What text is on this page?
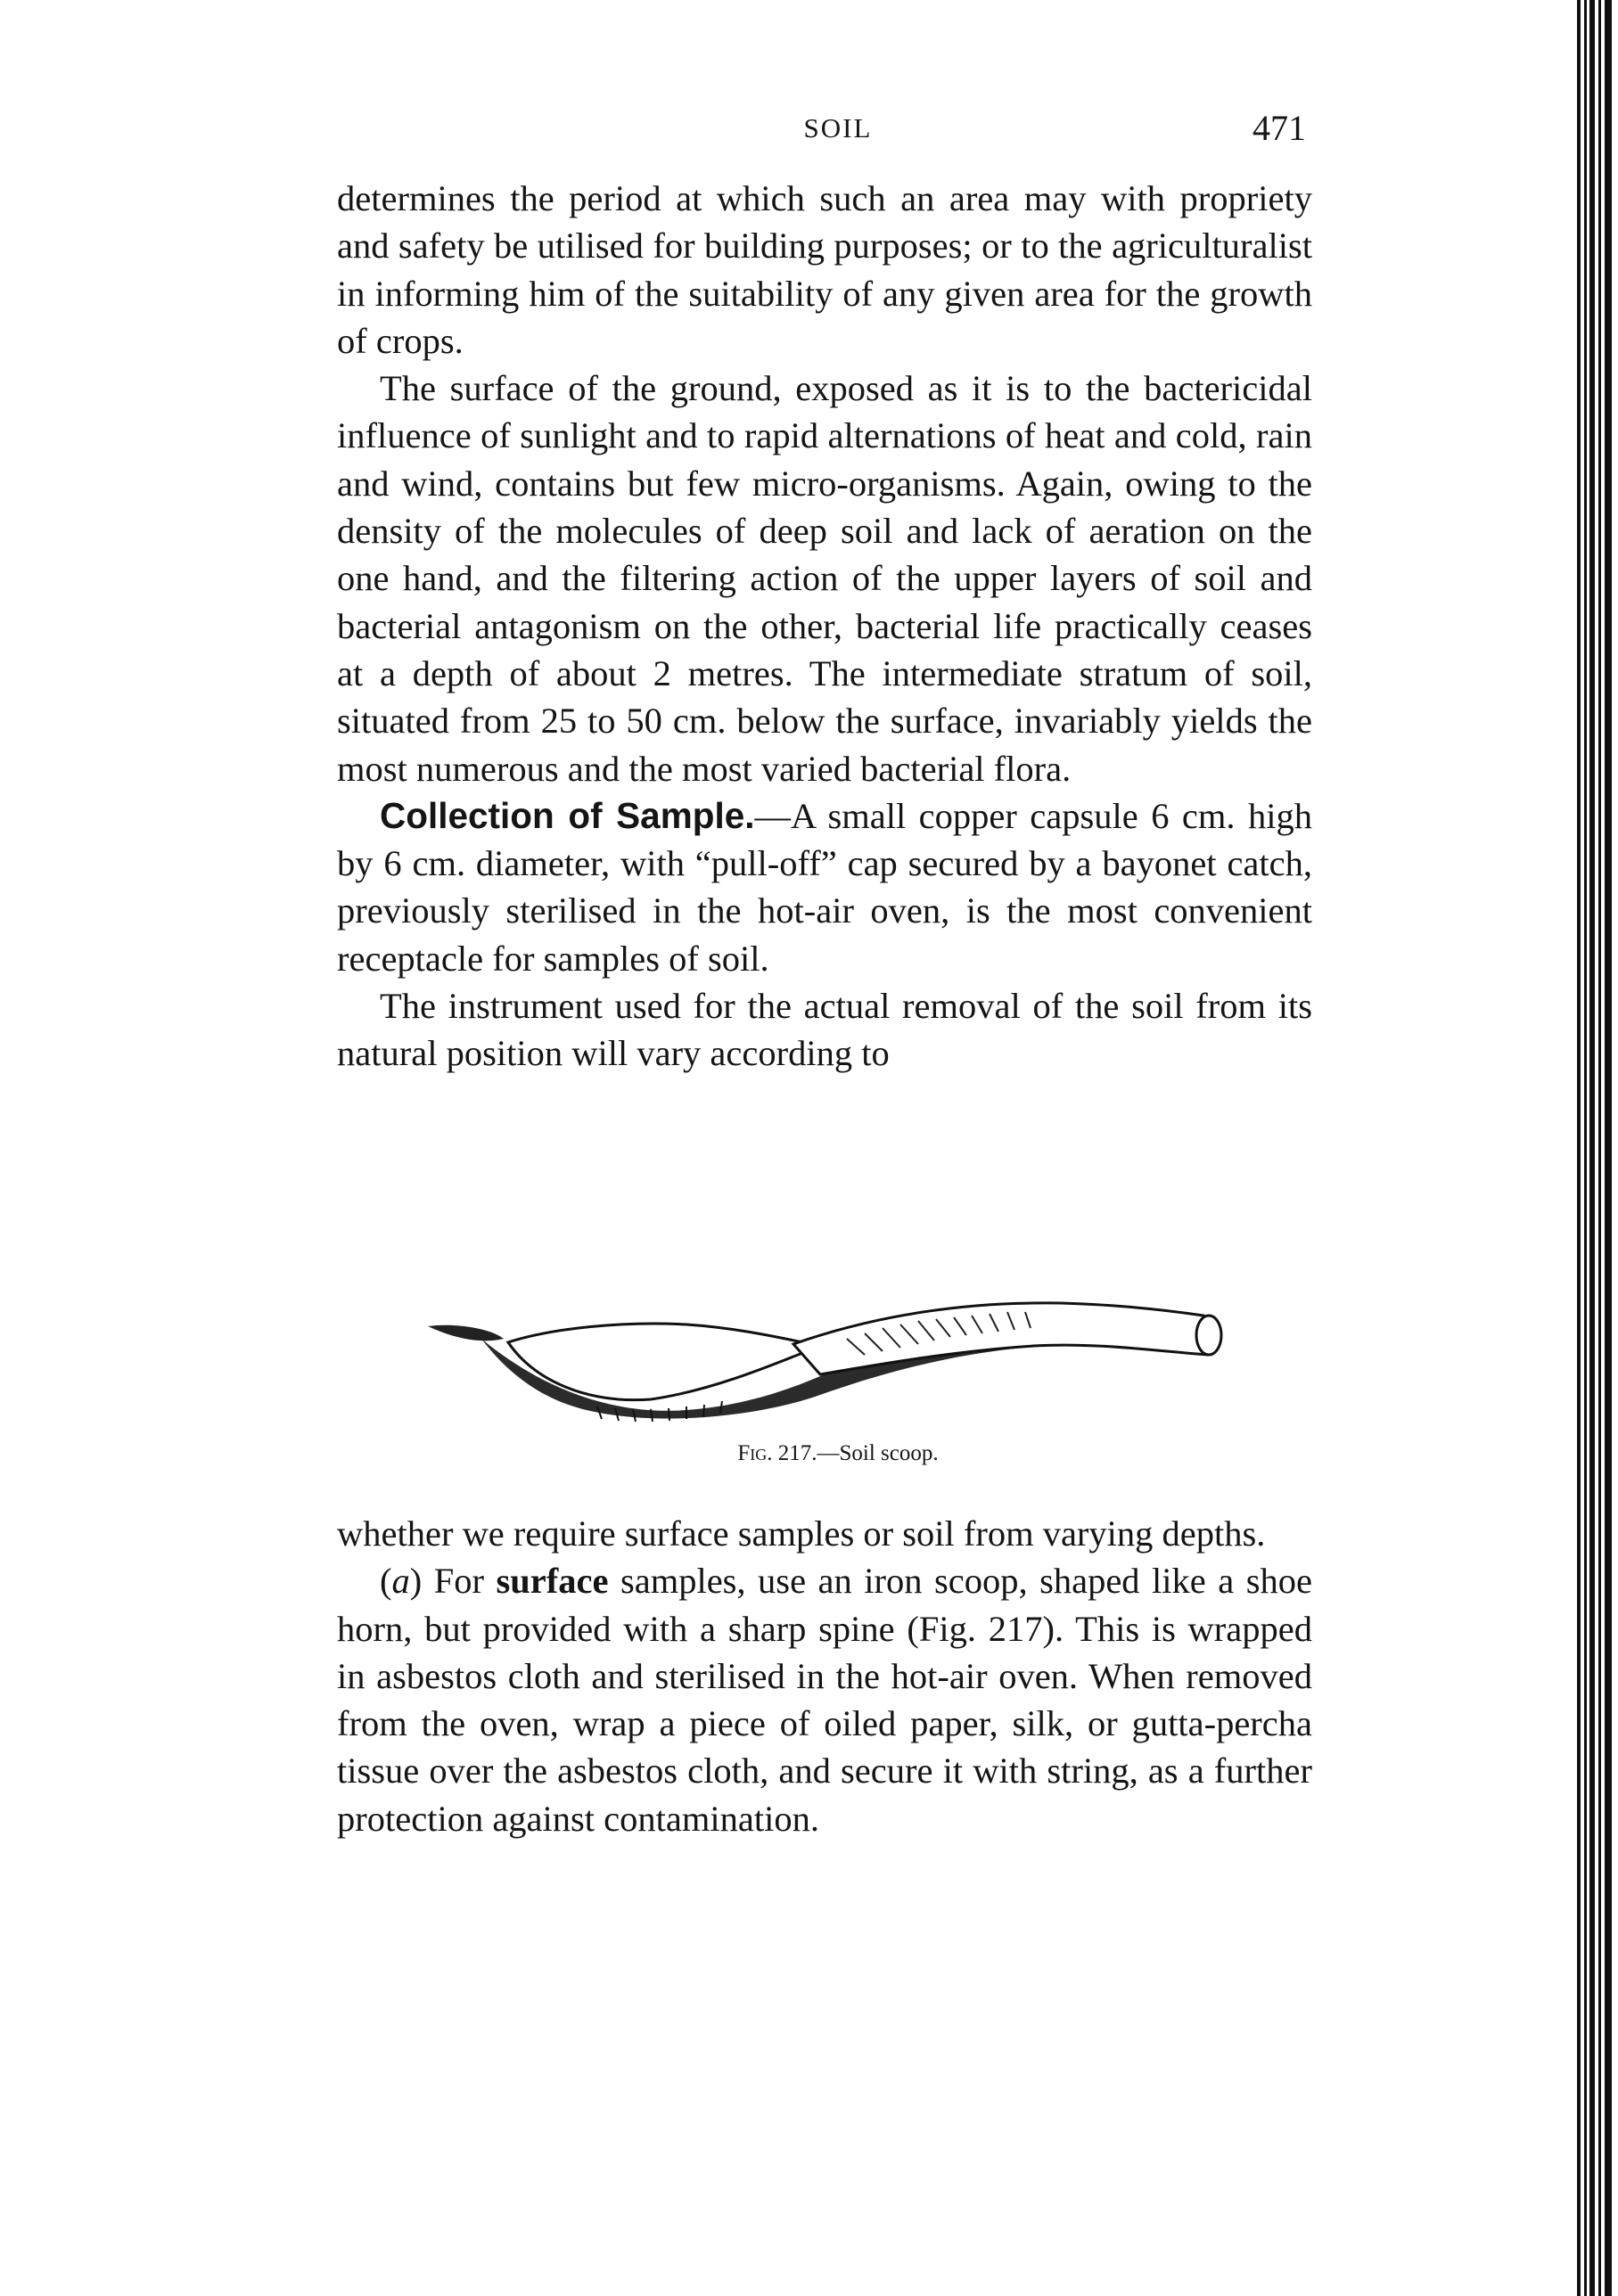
SOIL	471

determines the period at which such an area may with propriety and safety be utilised for building purposes; or to the agriculturalist in informing him of the suitability of any given area for the growth of crops.

The surface of the ground, exposed as it is to the bactericidal influence of sunlight and to rapid alternations of heat and cold, rain and wind, contains but few micro-organisms. Again, owing to the density of the molecules of deep soil and lack of aeration on the one hand, and the filtering action of the upper layers of soil and bacterial antagonism on the other, bacterial life practically ceases at a depth of about 2 metres. The intermediate stratum of soil, situated from 25 to 50 cm. below the surface, invariably yields the most numerous and the most varied bacterial flora.

Collection of Sample.—A small copper capsule 6 cm. high by 6 cm. diameter, with “pull-off” cap secured by a bayonet catch, previously sterilised in the hot-air oven, is the most convenient receptacle for samples of soil.

The instrument used for the actual removal of the soil from its natural position will vary according to

Fig. 217.—Soil scoop.

whether we require surface samples or soil from varying depths.

(a) For surface samples, use an iron scoop, shaped like a shoe horn, but provided with a sharp spine (Fig. 217). This is wrapped in asbestos cloth and sterilised in the hot-air oven. When removed from the oven, wrap a piece of oiled paper, silk, or gutta-percha tissue over the asbestos cloth, and secure it with string, as a further protection against contamination.
